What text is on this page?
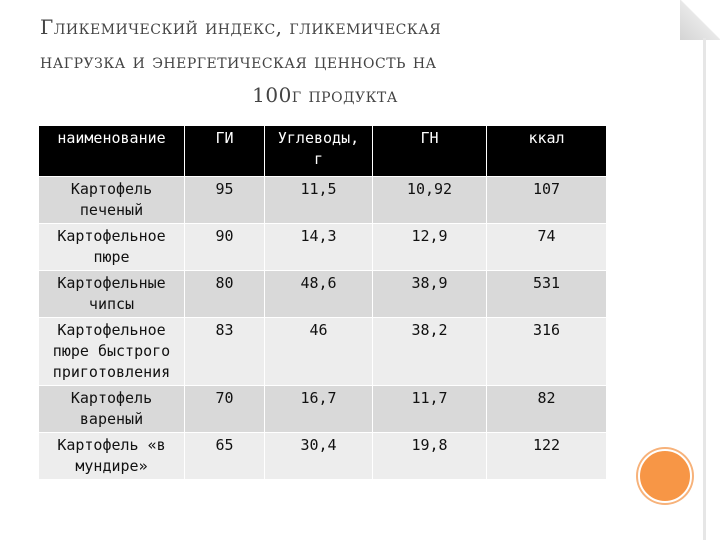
Гликемический индекс, гликемическая
нагрузка и энергетическая ценность на
100г продукта
наименование	ГИ	Углеводы, г	ГН	ккал
Картофель печеный	95	11,5	10,92	107
Картофельное пюре	90	14,3	12,9	74
Картофельные чипсы	80	48,6	38,9	531
Картофельное пюре быстрого приготовления	83	46	38,2	316
Картофель вареный	70	16,7	11,7	82
Картофель «в мундире»	65	30,4	19,8	122
